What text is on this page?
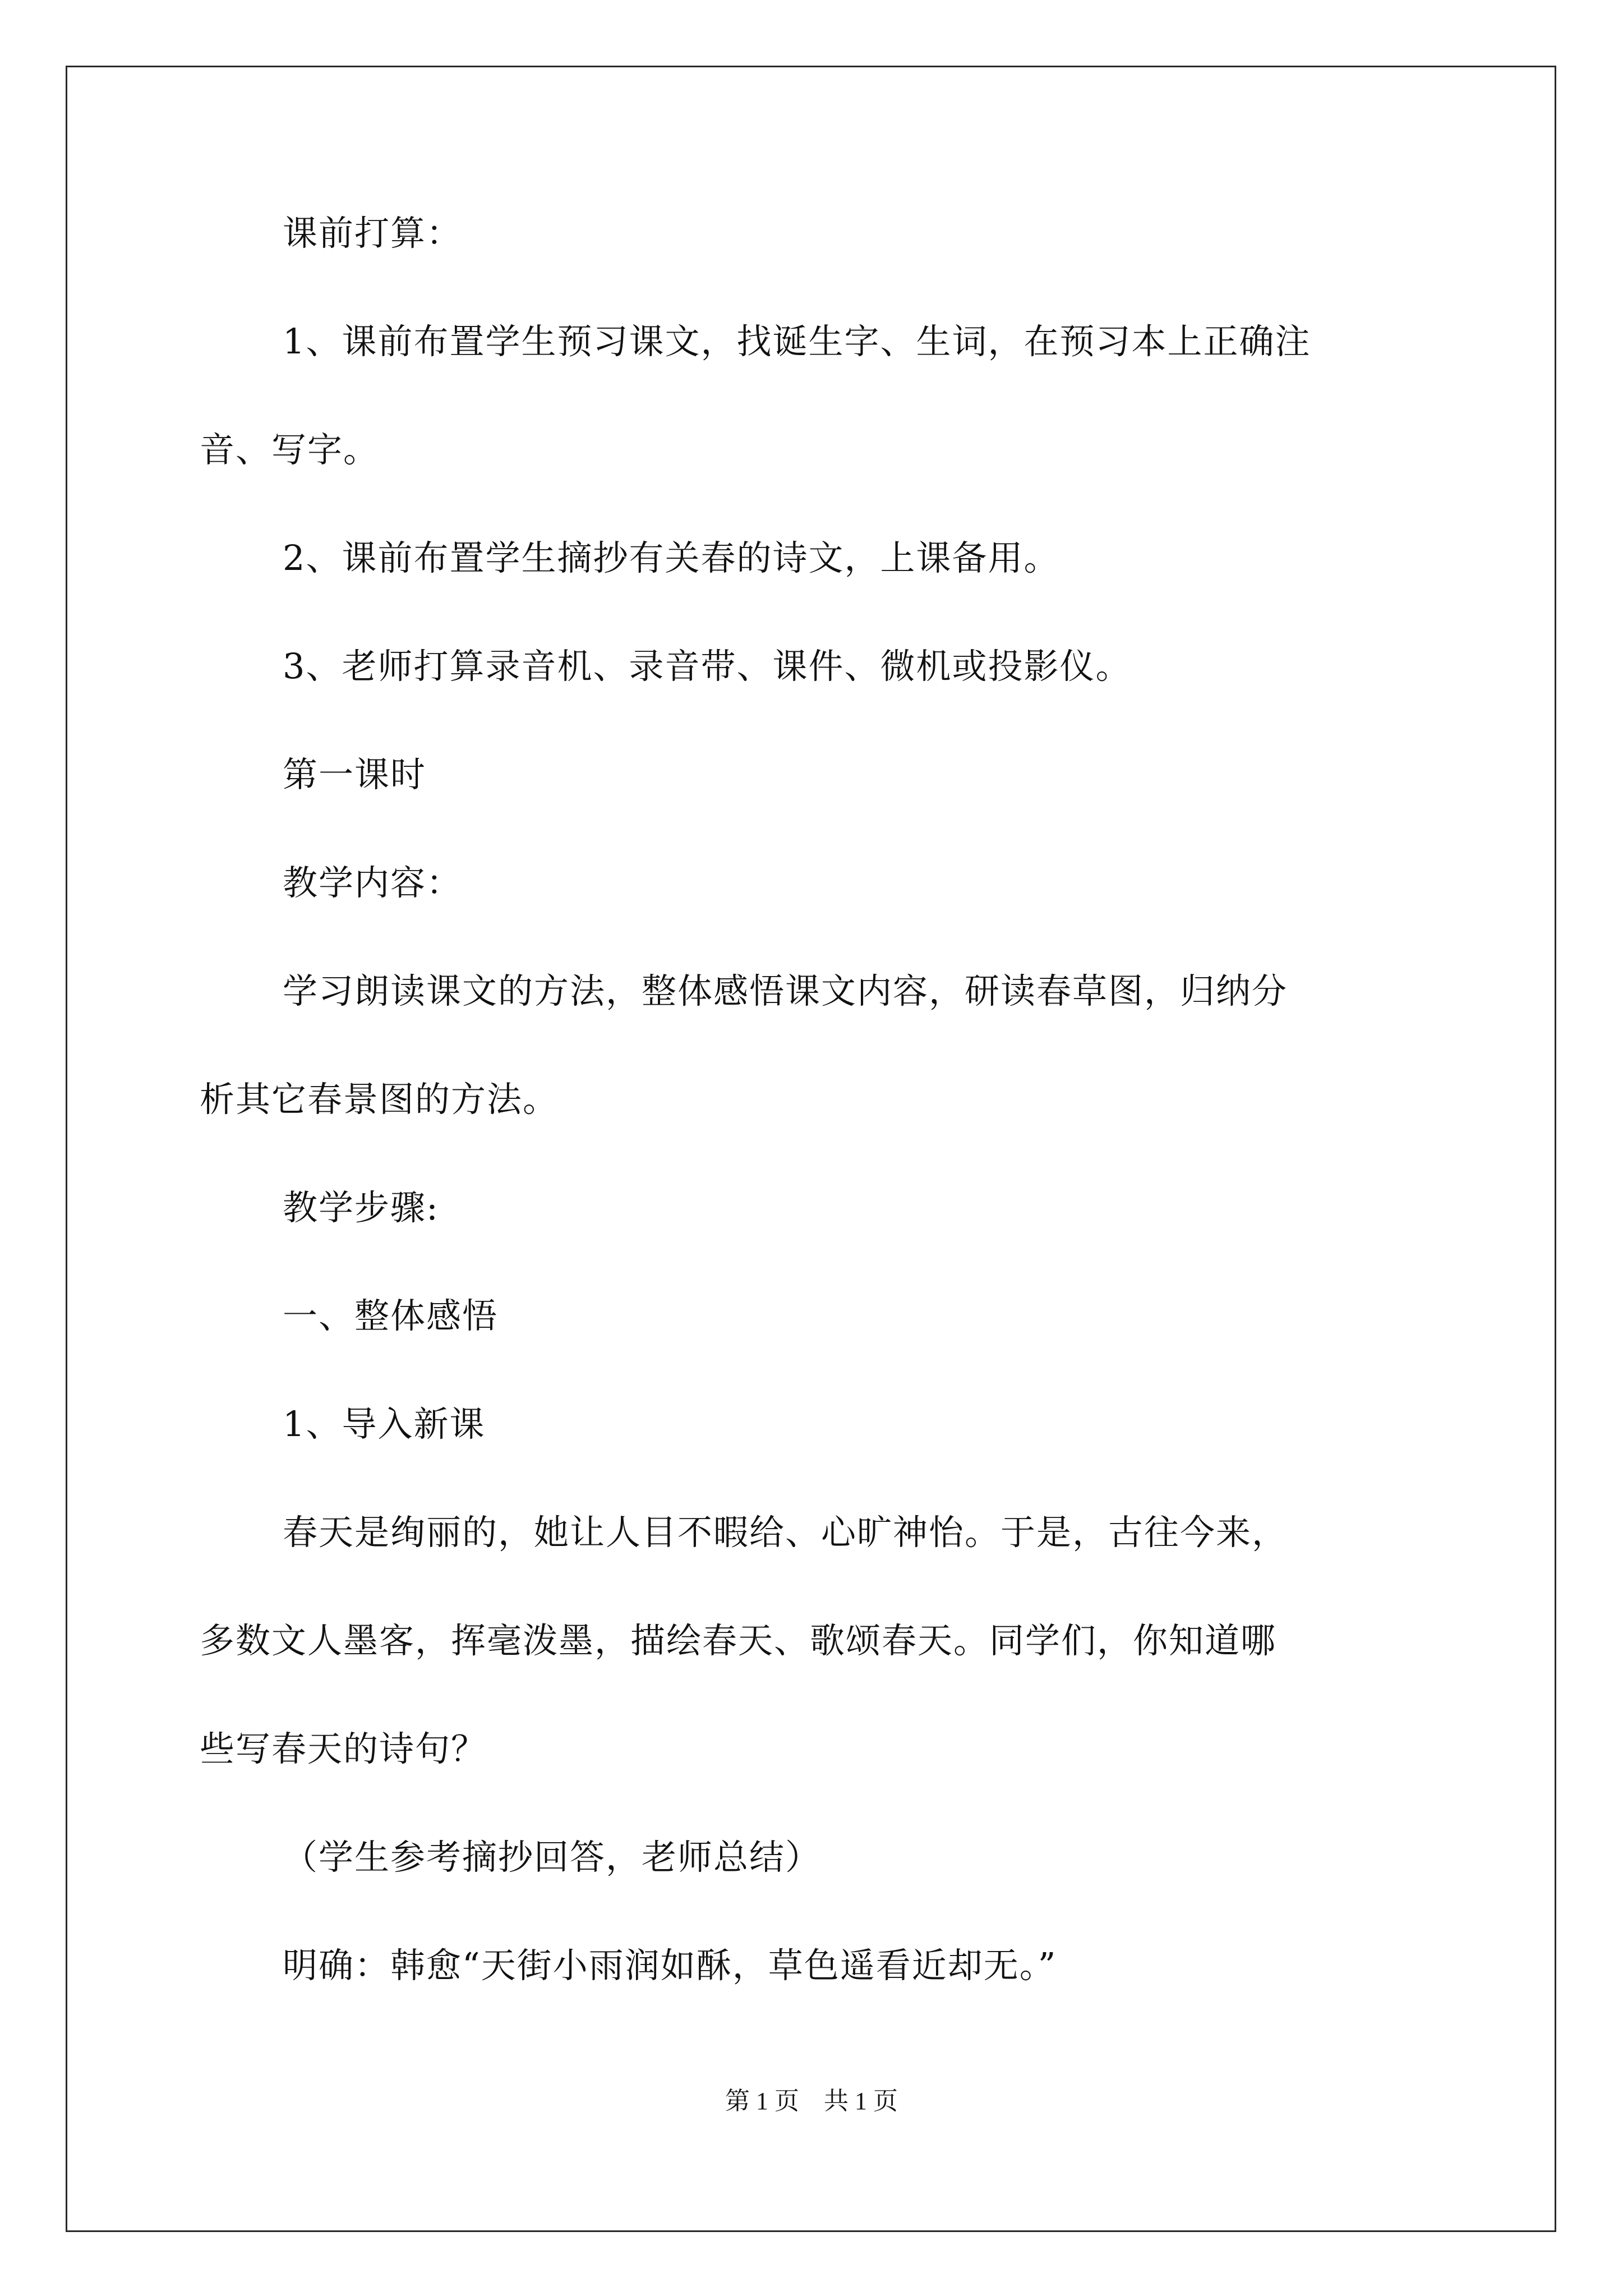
课前打算：
1、课前布置学生预习课文，找诞生字、生词，在预习本上正确注
音、写字。
2、课前布置学生摘抄有关春的诗文，上课备用。
3、老师打算录音机、录音带、课件、微机或投影仪。
第一课时
教学内容：
学习朗读课文的方法，整体感悟课文内容，研读春草图，归纳分
析其它春景图的方法。
教学步骤:
一、整体感悟
1、导入新课
春天是绚丽的，她让人目不暇给、心旷神怡。于是，古往今来，
多数文人墨客，挥毫泼墨，描绘春天、歌颂春天。同学们，你知道哪
些写春天的诗句？
（学生参考摘抄回答，老师总结）
明确：韩愈“天街小雨润如酥，草色遥看近却无。”
第 1 页　共 1 页
